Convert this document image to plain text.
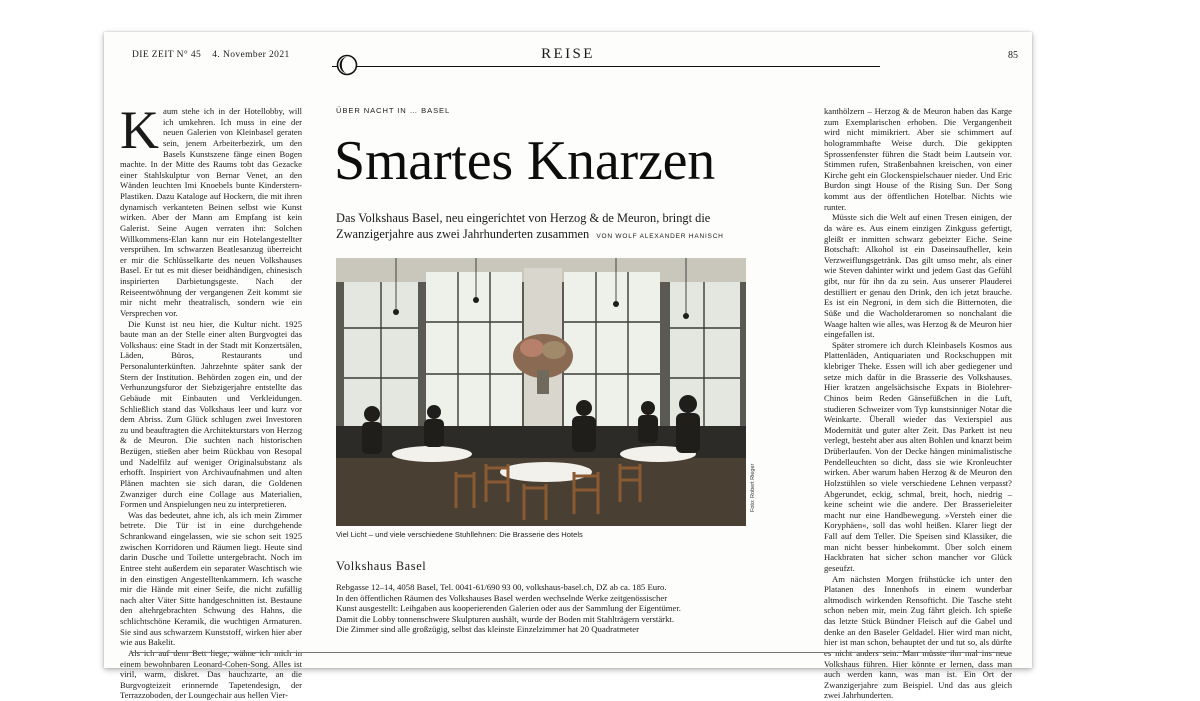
DIE ZEIT N° 45 4. November 2021	REISE	85
K aum stehe ich in der Hotellobby, will ich umkehren. Ich muss in eine der neuen Galerien von Kleinbasel geraten sein, jenem Arbeiterbezirk, um den Basels Kunstszene fänge einen Bogen machte. In der Mitte des Raums tobt das Gezacke einer Stahlskulptur von Bernar Venet, an den Wänden leuchten Imi Knoebels bunte Kinderstern-Plastiken. Dazu Kataloge auf Hockern, die mit ihren dynamisch verkanteten Beinen selbst wie Kunst wirken. Aber der Mann am Empfang ist kein Galerist. Seine Augen verraten ihn: Solchen Willkommens-Elan kann nur ein Hotelangestellter versprühen. Im schwarzen Beatlesanzug überreicht er mir die Schlüsselkarte des neuen Volkshauses Basel. Er tut es mit dieser beidhändigen, chinesisch inspirierten Darbietungsgeste. Nach der Reiseentwöhnung der vergangenen Zeit kommt sie mir nicht mehr theatralisch, sondern wie ein Versprechen vor.

Die Kunst ist neu hier, die Kultur nicht. 1925 baute man an der Stelle einer alten Burgvogtei das Volkshaus: eine Stadt in der Stadt mit Konzertsälen, Läden, Büros, Restaurants und Personalunterkünften. Jahrzehnte später sank der Stern der Institution. Behörden zogen ein, und der Verhunzungsfuror der Siebzigerjahre entstellte das Gebäude mit Einbauten und Verkleidungen. Schließlich stand das Volkshaus leer und kurz vor dem Abriss. Zum Glück schlugen zwei Investoren zu und beauftragten die Architekturstars von Herzog & de Meuron. Die suchten nach historischen Bezügen, stießen aber beim Rückbau von Resopal und Nadelfilz auf weniger Originalsubstanz als erhofft. Inspiriert von Archivaufnahmen und alten Plänen machten sie sich daran, die Goldenen Zwanziger durch eine Collage aus Materialien, Formen und Anspielungen neu zu interpretieren.

Was das bedeutet, ahne ich, als ich mein Zimmer betrete. Die Tür ist in eine durchgehende Schrankwand eingelassen, wie sie schon seit 1925 zwischen Korridoren und Räumen liegt. Heute sind darin Dusche und Toilette untergebracht. Noch im Entree steht außerdem ein separater Waschtisch wie in den einstigen Angestelltenkammern. Ich wasche mir die Hände mit einer Seife, die nicht zufällig nach alter Väter Sitte handgeschnitten ist. Bestaune den altehrgebrachten Schwung des Hahns, die schlichtschöne Keramik, die wuchtigen Armaturen. Sie sind aus schwarzem Kunststoff, wirken hier aber wie aus Bakelit.

Als ich auf dem Bett liege, wähne ich mich in einem bewohnbaren Leonard-Cohen-Song. Alles ist viril, warm, diskret. Das hauchzarte, an die Burgvogteizeit erinnernde Tapetendesign, der Terrazzoboden, der Loungechair aus hellen Vier-

ÜBER NACHT IN … BASEL
Smartes Knarzen
Das Volkshaus Basel, neu eingerichtet von Herzog & de Meuron, bringt die Zwanzigerjahre aus zwei Jahrhunderten zusammen VON WOLF ALEXANDER HANISCH
Foto: Robert Rieger
Viel Licht – und viele verschiedene Stuhllehnen: Die Brasserie des Hotels
Volkshaus Basel
Rebgasse 12–14, 4058 Basel, Tel. 0041-61/690 93 00, volkshaus-basel.ch, DZ ab ca. 185 Euro.
In den öffentlichen Räumen des Volkshauses Basel werden wechselnde Werke zeitgenössischer
Kunst ausgestellt: Leihgaben aus kooperierenden Galerien oder aus der Sammlung der Eigentümer.
Damit die Lobby tonnenschwere Skulpturen aushält, wurde der Boden mit Stahlträgern verstärkt.
Die Zimmer sind alle großzügig, selbst das kleinste Einzelzimmer hat 20 Quadratmeter

kanthölzern – Herzog & de Meuron haben das Karge zum Exemplarischen erhoben. Die Vergangenheit wird nicht mimikriert. Aber sie schimmert auf hologrammhafte Weise durch. Die gekippten Sprossenfenster führen die Stadt beim Lautsein vor. Stimmen rufen, Straßenbahnen kreischen, von einer Kirche geht ein Glockenspielschauer nieder. Und Eric Burdon singt House of the Rising Sun. Der Song kommt aus der öffentlichen Hotelbar. Nichts wie runter.

Müsste sich die Welt auf einen Tresen einigen, der da wäre es. Aus einem einzigen Zinkguss gefertigt, gleißt er inmitten schwarz gebeizter Eiche. Seine Botschaft: Alkohol ist ein Daseinsaufheller, kein Verzweiflungsgetränk. Das gilt umso mehr, als einer wie Steven dahinter wirkt und jedem Gast das Gefühl gibt, nur für ihn da zu sein. Aus unserer Plauderei destilliert er genau den Drink, den ich jetzt brauche. Es ist ein Negroni, in dem sich die Bitternoten, die Süße und die Wacholderaromen so nonchalant die Waage halten wie alles, was Herzog & de Meuron hier eingefallen ist.

Später stromere ich durch Kleinbasels Kosmos aus Plattenläden, Antiquariaten und Rockschuppen mit klebriger Theke. Essen will ich aber gediegener und setze mich dafür in die Brasserie des Volkshauses. Hier kratzen angelsächsische Expats in Biolehrer-Chinos beim Reden Gänsefüßchen in die Luft, studieren Schweizer vom Typ kunstsinniger Notar die Weinkarte. Überall wieder das Vexierspiel aus Modernität und guter alter Zeit. Das Parkett ist neu verlegt, besteht aber aus alten Bohlen und knarzt beim Drüberlaufen. Von der Decke hängen minimalistische Pendelleuchten so dicht, dass sie wie Kronleuchter wirken. Aber warum haben Herzog & de Meuron den Holzstühlen so viele verschiedene Lehnen verpasst? Abgerundet, eckig, schmal, breit, hoch, niedrig – keine scheint wie die andere. Der Brasserieleiter macht nur eine Handbewegung. »Versteh einer die Koryphäen«, soll das wohl heißen. Klarer liegt der Fall auf dem Teller. Die Speisen sind Klassiker, die man nicht besser hinbekommt. Über solch einem Hackbraten hat sicher schon mancher vor Glück geseufzt.

Am nächsten Morgen frühstücke ich unter den Platanen des Innenhofs in einem wunderbar altmodisch wirkenden Rensofticht. Die Tasche steht schon neben mir, mein Zug fährt gleich. Ich spieße das letzte Stück Bündner Fleisch auf die Gabel und denke an den Baseler Geldadel. Hier wird man nicht, hier ist man schon, behauptet der und tut so, als dürfte es nicht anders sein. Man müsste ihn mal ins neue Volkshaus führen. Hier könnte er lernen, dass man auch werden kann, was man ist. Ein Ort der Zwanzigerjahre zum Beispiel. Und das aus gleich zwei Jahrhunderten.
